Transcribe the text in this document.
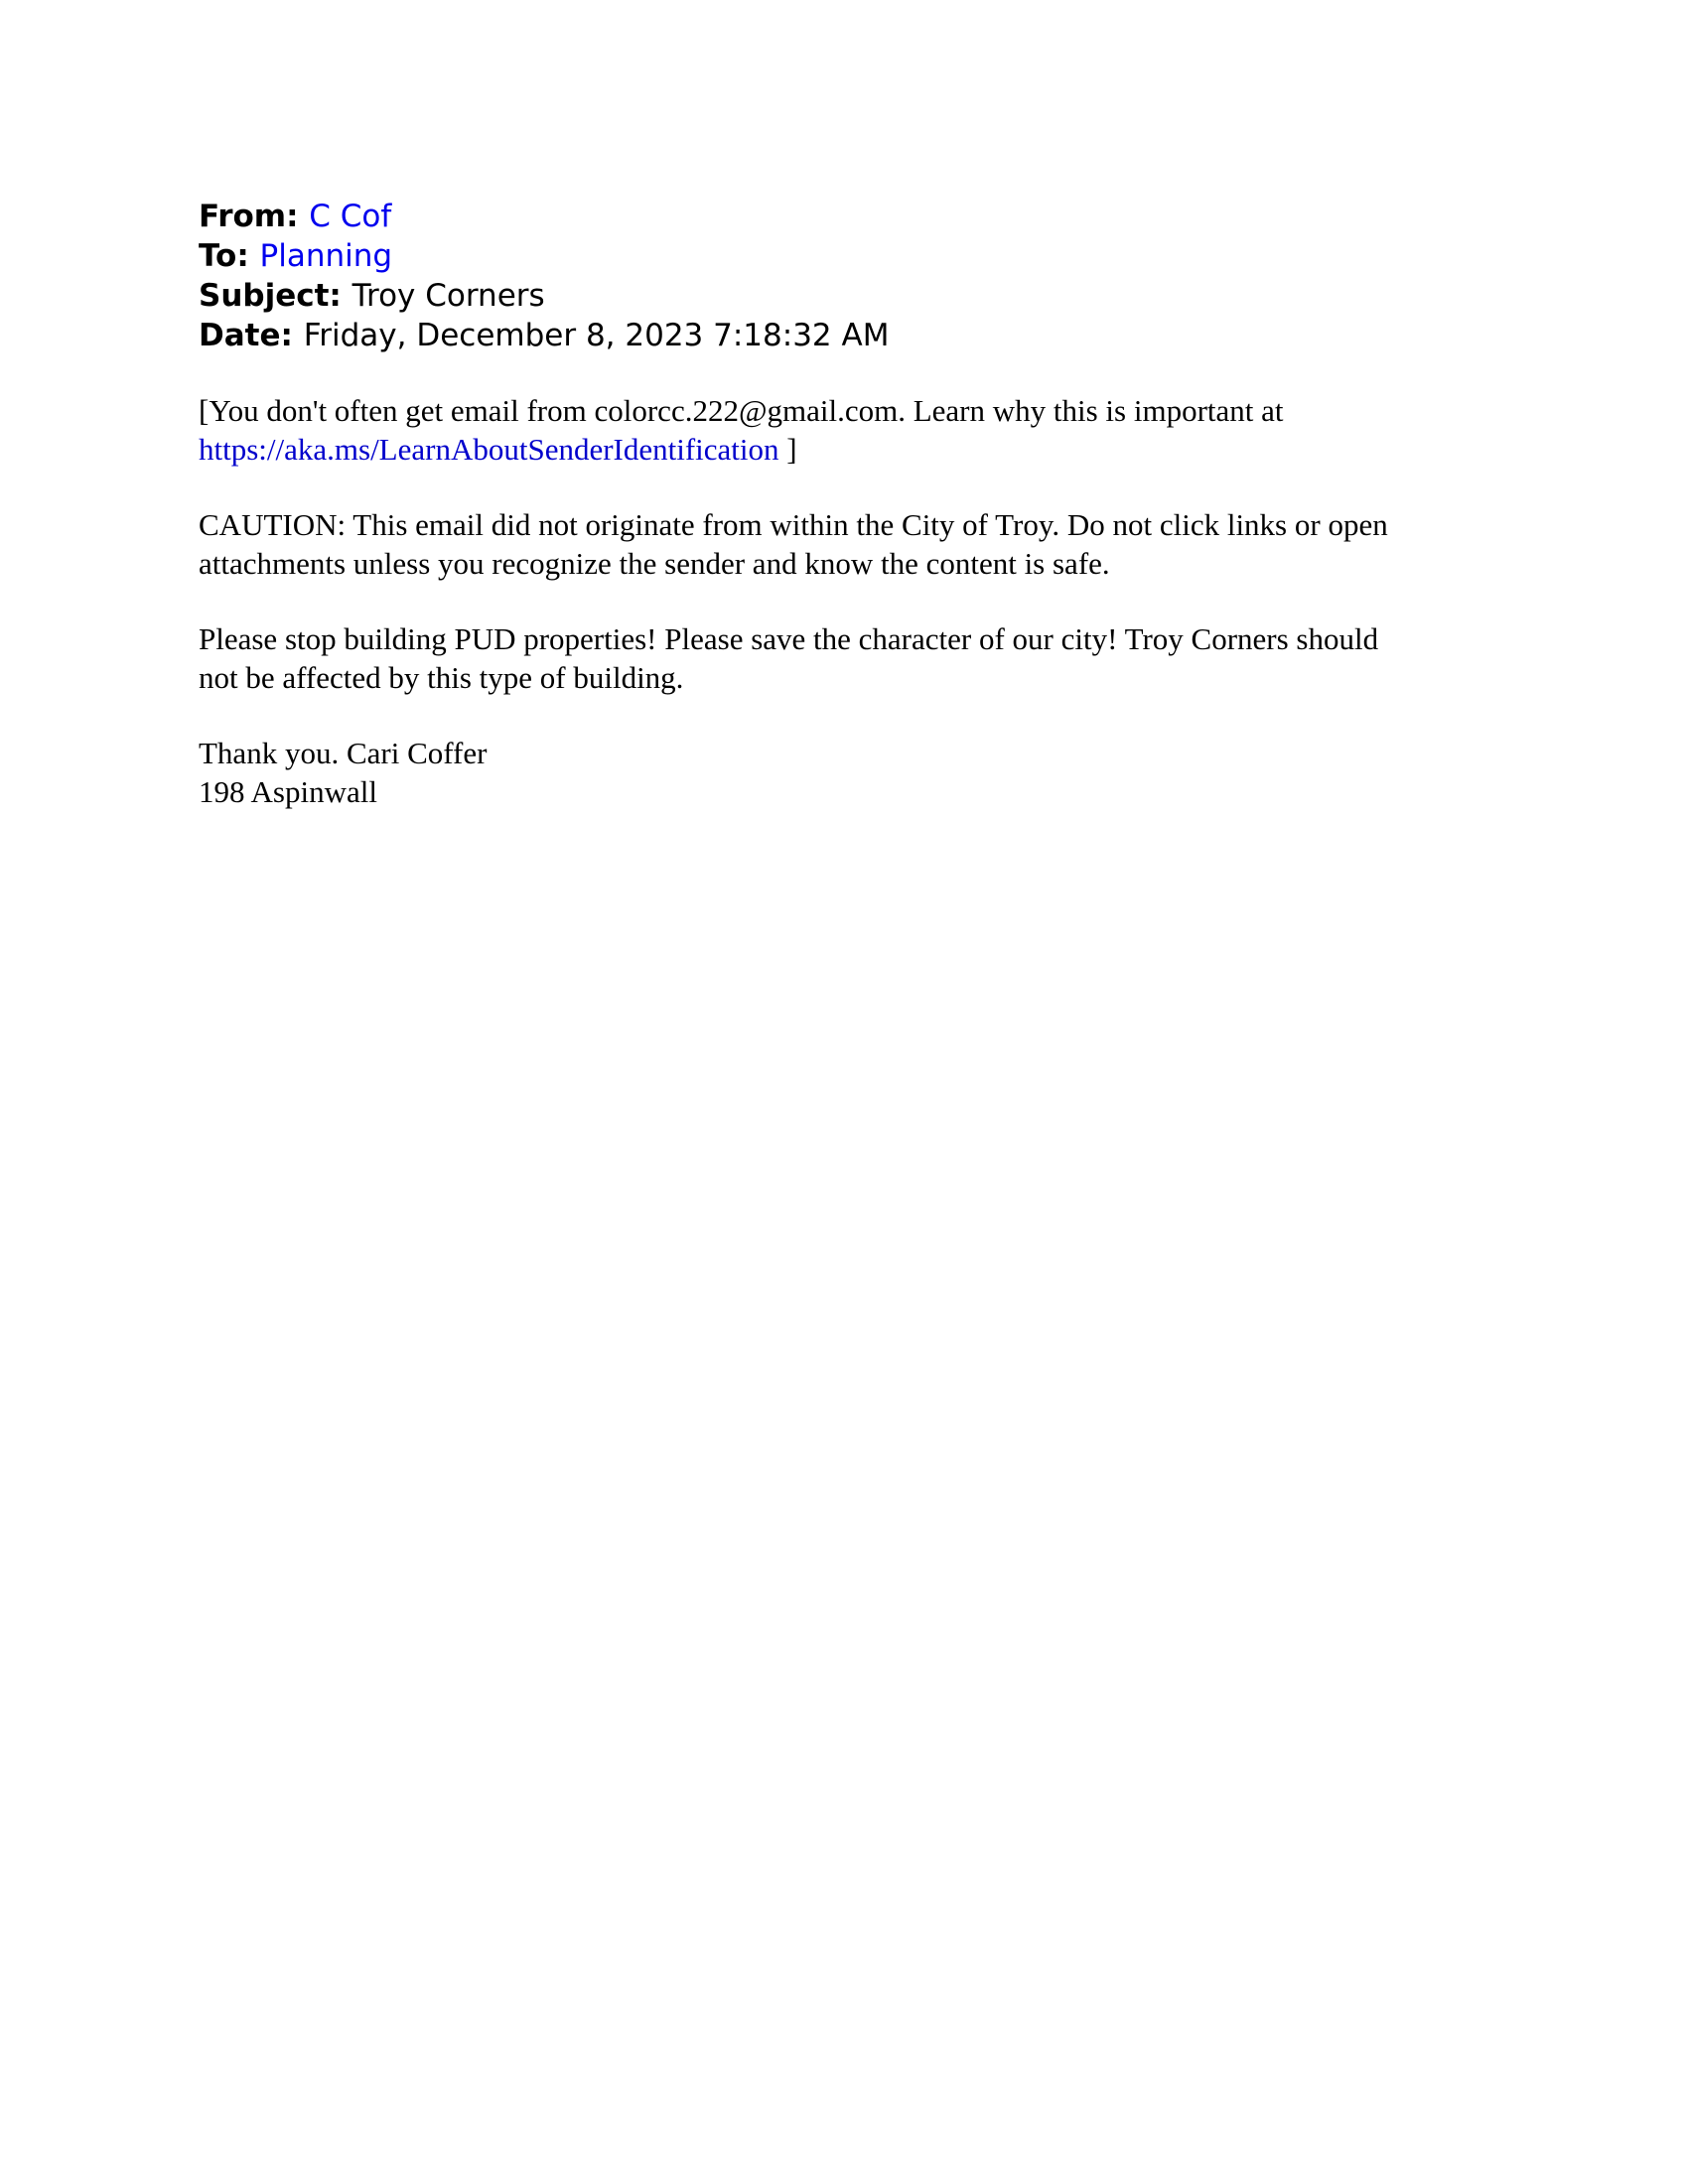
From: C Cof
To: Planning
Subject: Troy Corners
Date: Friday, December 8, 2023 7:18:32 AM
[You don't often get email from colorcc.222@gmail.com. Learn why this is important at
https://aka.ms/LearnAboutSenderIdentification ]
CAUTION: This email did not originate from within the City of Troy. Do not click links or open
attachments unless you recognize the sender and know the content is safe.
Please stop building PUD properties! Please save the character of our city! Troy Corners should
not be affected by this type of building.
Thank you. Cari Coffer
198 Aspinwall
